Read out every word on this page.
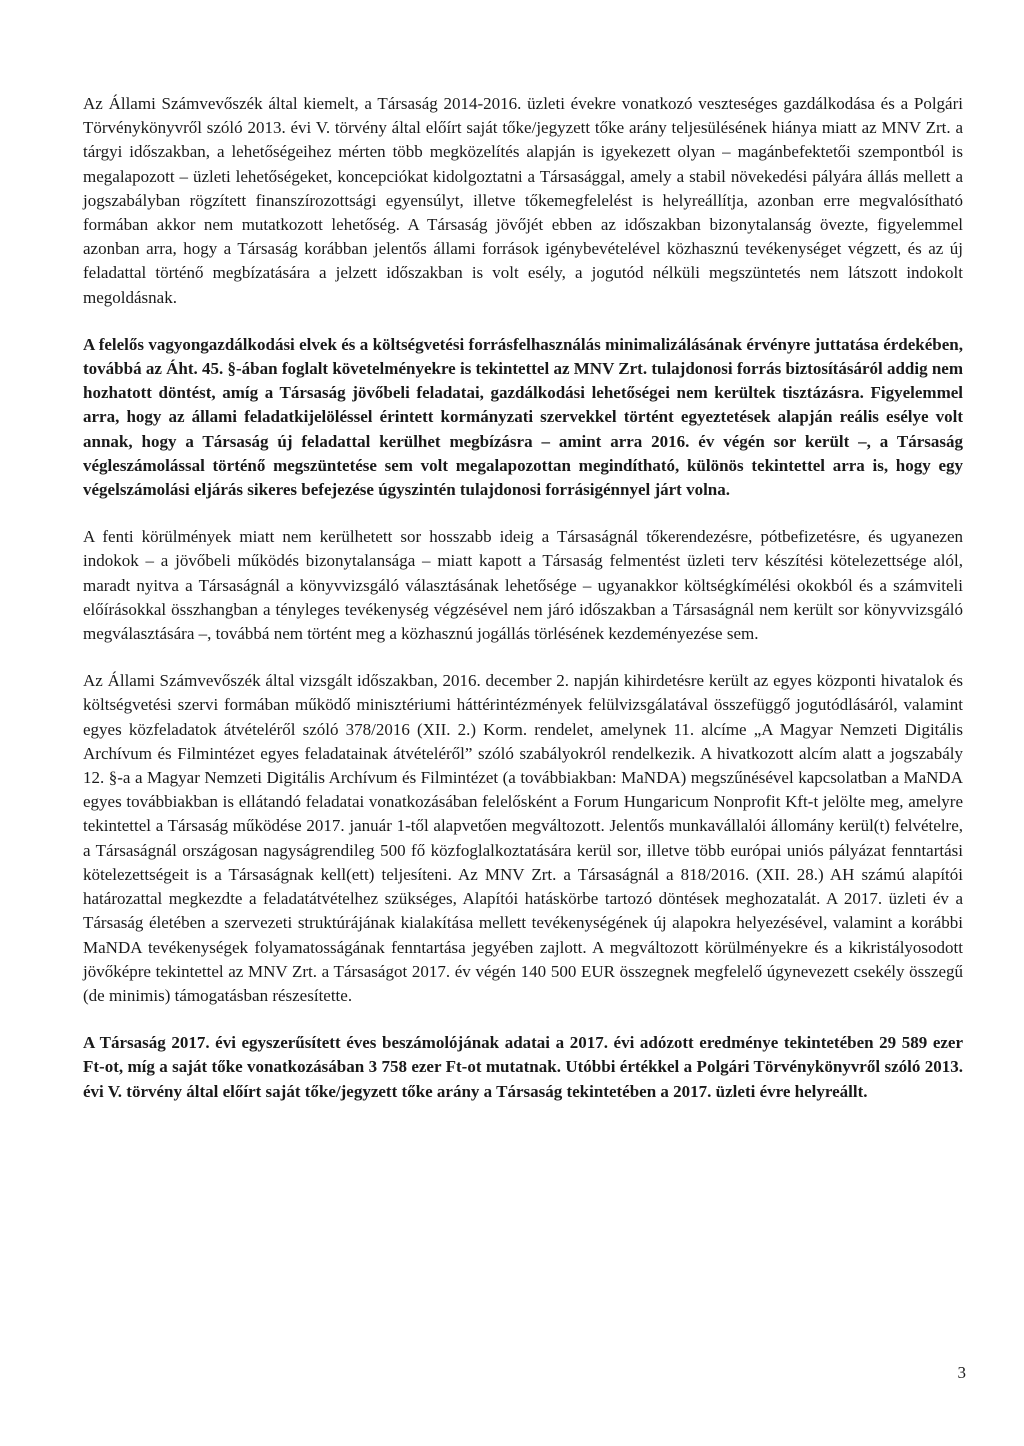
Az Állami Számvevőszék által kiemelt, a Társaság 2014-2016. üzleti évekre vonatkozó veszteséges gazdálkodása és a Polgári Törvénykönyvről szóló 2013. évi V. törvény által előírt saját tőke/jegyzett tőke arány teljesülésének hiánya miatt az MNV Zrt. a tárgyi időszakban, a lehetőségeihez mérten több megközelítés alapján is igyekezett olyan – magánbefektetői szempontból is megalapozott – üzleti lehetőségeket, koncepciókat kidolgoztatni a Társasággal, amely a stabil növekedési pályára állás mellett a jogszabályban rögzített finanszírozottsági egyensúlyt, illetve tőkemegfelelést is helyreállítja, azonban erre megvalósítható formában akkor nem mutatkozott lehetőség. A Társaság jövőjét ebben az időszakban bizonytalanság övezte, figyelemmel azonban arra, hogy a Társaság korábban jelentős állami források igénybevételével közhasznú tevékenységet végzett, és az új feladattal történő megbízatására a jelzett időszakban is volt esély, a jogutód nélküli megszüntetés nem látszott indokolt megoldásnak.

A felelős vagyongazdálkodási elvek és a költségvetési forrásfelhasználás minimalizálásának érvényre juttatása érdekében, továbbá az Áht. 45. §-ában foglalt követelményekre is tekintettel az MNV Zrt. tulajdonosi forrás biztosításáról addig nem hozhatott döntést, amíg a Társaság jövőbeli feladatai, gazdálkodási lehetőségei nem kerültek tisztázásra. Figyelemmel arra, hogy az állami feladatkijelöléssel érintett kormányzati szervekkel történt egyeztetések alapján reális esélye volt annak, hogy a Társaság új feladattal kerülhet megbízásra – amint arra 2016. év végén sor került –, a Társaság végleszámolással történő megszüntetése sem volt megalapozottan megindítható, különös tekintettel arra is, hogy egy végelszámolási eljárás sikeres befejezése úgyszintén tulajdonosi forrásigénnyel járt volna.

A fenti körülmények miatt nem kerülhetett sor hosszabb ideig a Társaságnál tőkerendezésre, pótbefizetésre, és ugyanezen indokok – a jövőbeli működés bizonytalansága – miatt kapott a Társaság felmentést üzleti terv készítési kötelezettsége alól, maradt nyitva a Társaságnál a könyvvizsgáló választásának lehetősége – ugyanakkor költségkímélési okokból és a számviteli előírásokkal összhangban a tényleges tevékenység végzésével nem járó időszakban a Társaságnál nem került sor könyvvizsgáló megválasztására –, továbbá nem történt meg a közhasznú jogállás törlésének kezdeményezése sem.

Az Állami Számvevőszék által vizsgált időszakban, 2016. december 2. napján kihirdetésre került az egyes központi hivatalok és költségvetési szervi formában működő minisztériumi háttérintézmények felülvizsgálatával összefüggő jogutódlásáról, valamint egyes közfeladatok átvételéről szóló 378/2016 (XII. 2.) Korm. rendelet, amelynek 11. alcíme „A Magyar Nemzeti Digitális Archívum és Filmintézet egyes feladatainak átvételéről” szóló szabályokról rendelkezik. A hivatkozott alcím alatt a jogszabály 12. §-a a Magyar Nemzeti Digitális Archívum és Filmintézet (a továbbiakban: MaNDA) megszűnésével kapcsolatban a MaNDA egyes továbbiakban is ellátandó feladatai vonatkozásában felelősként a Forum Hungaricum Nonprofit Kft-t jelölte meg, amelyre tekintettel a Társaság működése 2017. január 1-től alapvetően megváltozott. Jelentős munkavállalói állomány kerül(t) felvételre, a Társaságnál országosan nagyságrendileg 500 fő közfoglalkoztatására kerül sor, illetve több európai uniós pályázat fenntartási kötelezettségeit is a Társaságnak kell(ett) teljesíteni. Az MNV Zrt. a Társaságnál a 818/2016. (XII. 28.) AH számú alapítói határozattal megkezdte a feladatátvételhez szükséges, Alapítói hatáskörbe tartozó döntések meghozatalát. A 2017. üzleti év a Társaság életében a szervezeti struktúrájának kialakítása mellett tevékenységének új alapokra helyezésével, valamint a korábbi MaNDA tevékenységek folyamatosságának fenntartása jegyében zajlott. A megváltozott körülményekre és a kikristályosodott jövőképre tekintettel az MNV Zrt. a Társaságot 2017. év végén 140 500 EUR összegnek megfelelő úgynevezett csekély összegű (de minimis) támogatásban részesítette.

A Társaság 2017. évi egyszerűsített éves beszámolójának adatai a 2017. évi adózott eredménye tekintetében 29 589 ezer Ft-ot, míg a saját tőke vonatkozásában 3 758 ezer Ft-ot mutatnak. Utóbbi értékkel a Polgári Törvénykönyvről szóló 2013. évi V. törvény által előírt saját tőke/jegyzett tőke arány a Társaság tekintetében a 2017. üzleti évre helyreállt.

3
